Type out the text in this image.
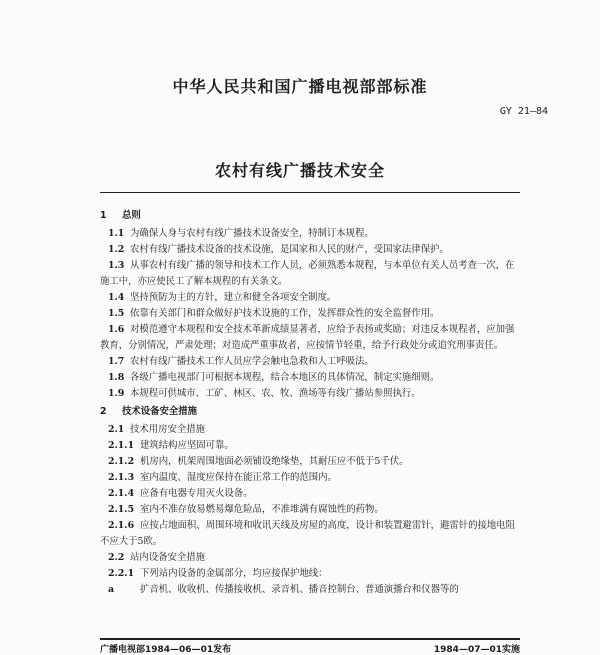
中华人民共和国广播电视部部标准
GY 21—84
农村有线广播技术安全
1 总则
1.1 为确保人身与农村有线广播技术设备安全，特制订本规程。
1.2 农村有线广播技术设备的技术设施，是国家和人民的财产，受国家法律保护。
1.3 从事农村有线广播的领导和技术工作人员，必须熟悉本规程，与本单位有关人员考查一次，在施工中，亦应使民工了解本规程的有关条文。
1.4 坚持预防为主的方针，建立和健全各项安全制度。
1.5 依靠有关部门和群众做好护技术设施的工作，发挥群众性的安全监督作用。
1.6 对模范遵守本规程和安全技术革新成绩显著者，应给予表扬或奖励；对违反本规程者，应加强教育，分别情况，严肃处理；对造成严重事故者，应按情节轻重，给予行政处分或追究刑事责任。
1.7 农村有线广播技术工作人员应学会触电急救和人工呼吸法。
1.8 各级广播电视部门可根据本规程，结合本地区的具体情况，制定实施细则。
1.9 本规程可供城市、工矿、林区、农、牧、渔场等有线广播站参照执行。
2 技术设备安全措施
2.1 技术用房安全措施
2.1.1 建筑结构应坚固可靠。
2.1.2 机房内，机架周围地面必须铺设绝缘垫，其耐压应不低于5千伏。
2.1.3 室内温度、湿度应保持在能正常工作的范围内。
2.1.4 应备有电器专用灭火设备。
2.1.5 室内不准存放易燃易爆危险品，不准堆满有腐蚀性的药物。
2.1.6 应按占地面积、周围环境和收讯天线及房屋的高度，设计和装置避雷针，避雷针的接地电阻不应大于5欧。
2.2 站内设备安全措施
2.2.1 下列站内设备的金属部分，均应接保护地线：
a	扩音机、收收机、传播接收机、录音机、播音控制台、普通演播台和仪器等的
广播电视部1984—06—01发布	1984—07—01实施
